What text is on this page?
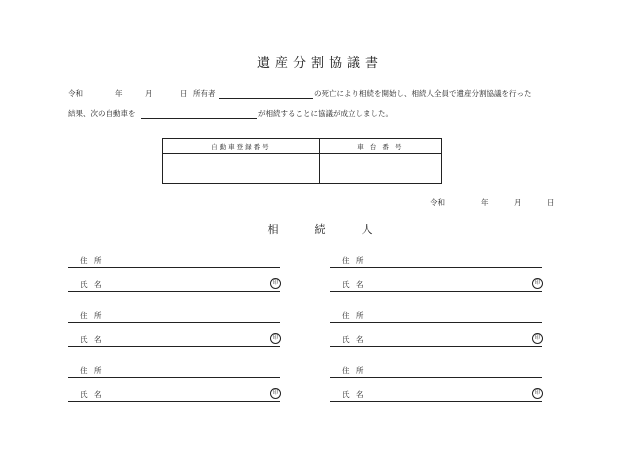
遺産分割協議書
令和	年	月	日 所有者	の死亡により相続を開始し、相続人全員で遺産分割協議を行った
結果、次の自動車を	が相続することに協議が成立しました。
自動車登録番号	車 台 番 号

令和	年	月	日
相	続	人
住 所
氏 名	印
住 所
氏 名	印
住 所
氏 名	印
住 所
氏 名	印
住 所
氏 名	印
住 所
氏 名	印
